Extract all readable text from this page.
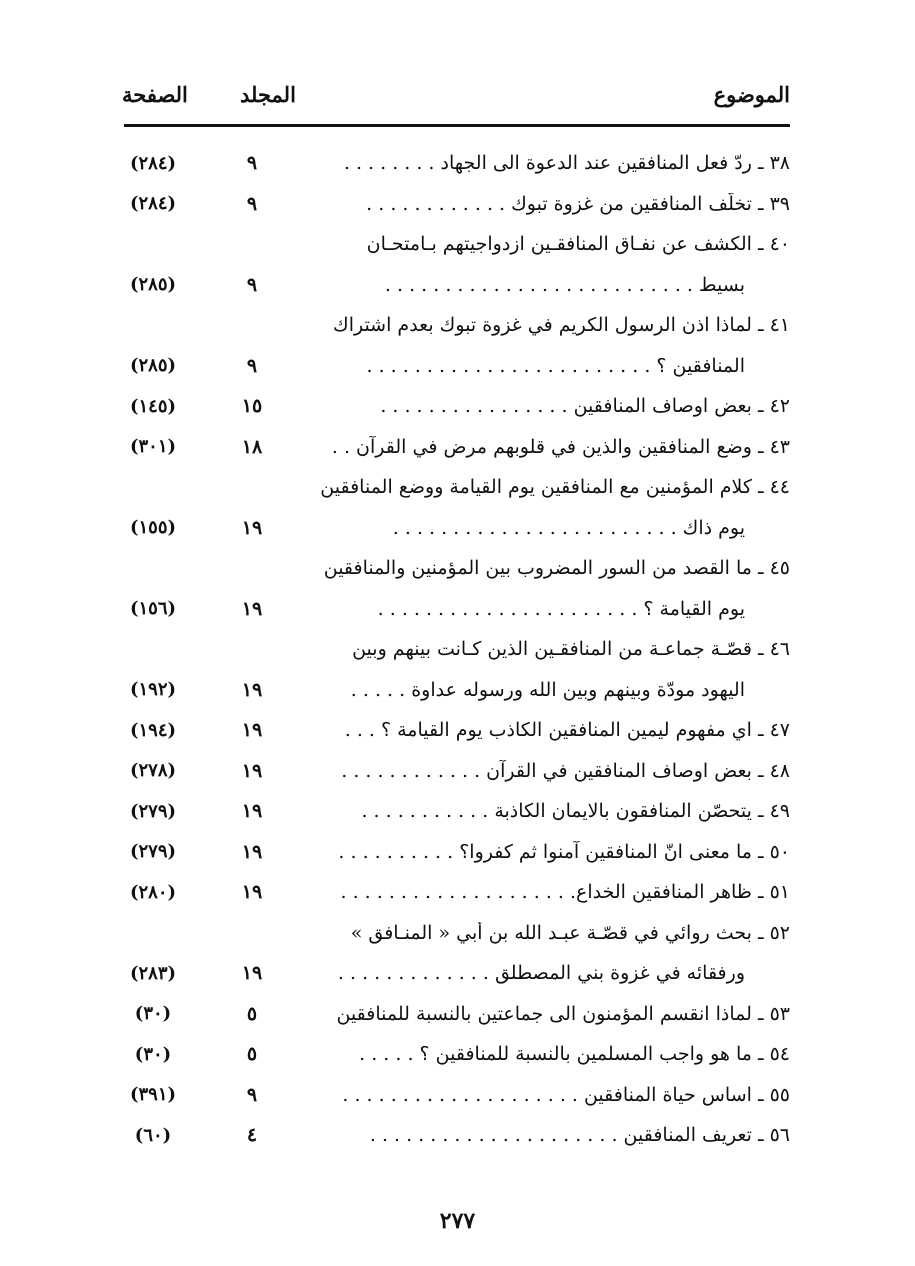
الموضوع
المجلد
الصفحة
٣٨ ـ ردّ فعل المنافقين عند الدعوة الى الجهاد . . . . . . . .
٩
(٢٨٤)
٣٩ ـ تخلّف المنافقين من غزوة تبوك . . . . . . . . . . . .
٩
(٢٨٤)
٤٠ ـ الكشف عن نفـاق المنافقـين ازدواجيتهم بـامتحـان
بسيط . . . . . . . . . . . . . . . . . . . . . . . . . .
٩
(٢٨٥)
٤١ ـ لماذا اذن الرسول الكريم في غزوة تبوك بعدم اشتراك
المنافقين ؟ . . . . . . . . . . . . . . . . . . . . . . . .
٩
(٢٨٥)
٤٢ ـ بعض اوصاف المنافقين . . . . . . . . . . . . . . . .
١٥
(١٤٥)
٤٣ ـ وضع المنافقين والذين في قلوبهم مرض في القرآن . .
١٨
(٣٠١)
٤٤ ـ كلام المؤمنين مع المنافقين يوم القيامة ووضع المنافقين
يوم ذاك . . . . . . . . . . . . . . . . . . . . . . . .
١٩
(١٥٥)
٤٥ ـ ما القصد من السور المضروب بين المؤمنين والمنافقين
يوم القيامة ؟ . . . . . . . . . . . . . . . . . . . . . .
١٩
(١٥٦)
٤٦ ـ قصّـة جماعـة من المنافقـين الذين كـانت بينهم وبين
اليهود مودّة وبينهم وبين الله ورسوله عداوة . . . . .
١٩
(١٩٢)
٤٧ ـ اي مفهوم ليمين المنافقين الكاذب يوم القيامة ؟ . . .
١٩
(١٩٤)
٤٨ ـ بعض اوصاف المنافقين في القرآن . . . . . . . . . . . .
١٩
(٢٧٨)
٤٩ ـ يتحصّن المنافقون بالايمان الكاذبة . . . . . . . . . . .
١٩
(٢٧٩)
٥٠ ـ ما معنى انّ المنافقين آمنوا ثم كفروا؟ . . . . . . . . . .
١٩
(٢٧٩)
٥١ ـ ظاهر المنافقين الخداع. . . . . . . . . . . . . . . . . . . .
١٩
(٢٨٠)
٥٢ ـ بحث روائي في قصّـة عبـد الله بن أُبي « المنـافق »
ورفقائه في غزوة بني المصطلق . . . . . . . . . . . . .
١٩
(٢٨٣)
٥٣ ـ لماذا انقسم المؤمنون الى جماعتين بالنسبة للمنافقين
٥
(٣٠)
٥٤ ـ ما هو واجب المسلمين بالنسبة للمنافقين ؟ . . . . .
٥
(٣٠)
٥٥ ـ اساس حياة المنافقين . . . . . . . . . . . . . . . . . . . .
٩
(٣٩١)
٥٦ ـ تعريف المنافقين . . . . . . . . . . . . . . . . . . . . .
٤
(٦٠)
٢٧٧
